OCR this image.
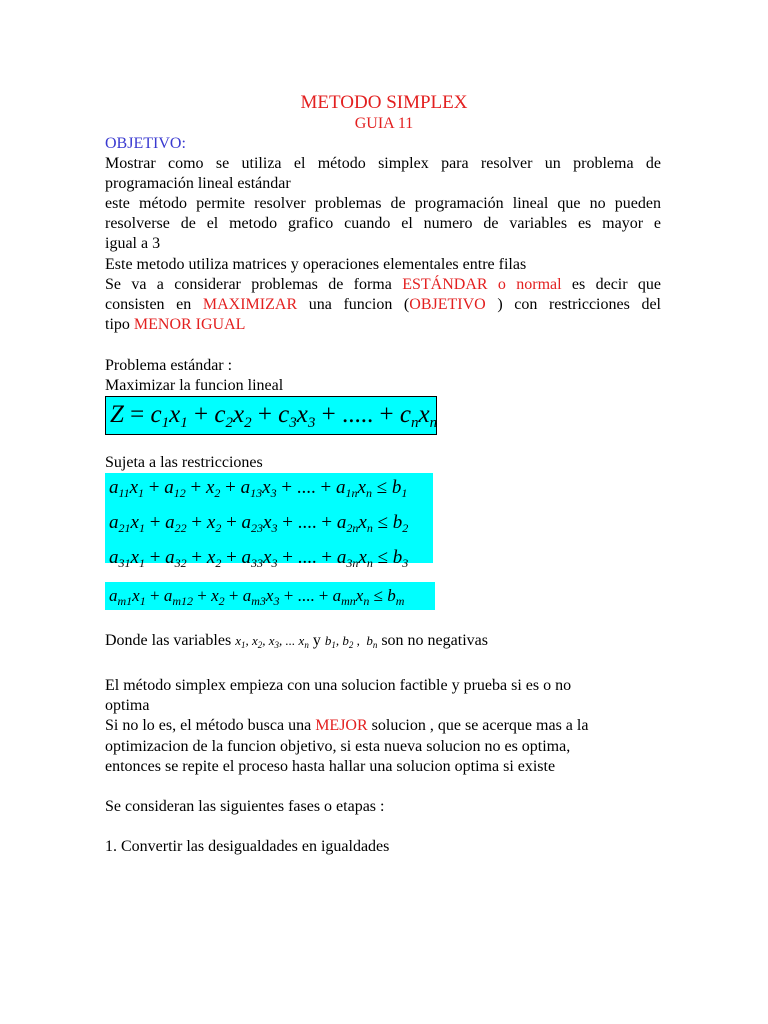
METODO SIMPLEX
GUIA 11
OBJETIVO:
Mostrar como se utiliza el método simplex para resolver un problema de
programación lineal estándar
este método permite resolver problemas de programación lineal que no pueden
resolverse de el metodo grafico cuando el numero de variables es mayor e
igual a 3
Este metodo utiliza matrices y operaciones elementales entre filas
Se va a considerar problemas de forma ESTÁNDAR o normal es decir que
consisten en MAXIMIZAR una funcion (OBJETIVO ) con restricciones del
tipo MENOR IGUAL
Problema estándar :
Maximizar la funcion lineal
$Z = c_1x_1 + c_2x_2 + c_3x_3$ + ..... + $c_nx_n$
Sujeta a las restricciones
$a_{11}x_1 + a_{12} + x_2 + a_{13}x_3$ + .... + $a_{1n}x_n \le b_1$
$a_{21}x_1 + a_{22} + x_2 + a_{23}x_3$ + .... + $a_{2n}x_n \le b_2$
$a_{31}x_1 + a_{32} + x_2 + a_{33}x_3$ + .... + $a_{3n}x_n \le b_3$
$a_{m1}x_1 + a_{m12} + x_2 + a_{m3}x_3$ + .... + $a_{mn}x_n \le b_m$
Donde las variables $x_1$, $x_2$, $x_3$, ... $x_n$ y $b_1$, $b_2$ ,  $b_n$ son no negativas
El método simplex empieza con una solucion factible y prueba si es o no
optima
Si no lo es, el método busca una MEJOR solucion , que se acerque mas a la
optimizacion de la funcion objetivo, si esta nueva solucion no es optima,
entonces se repite el proceso hasta hallar una solucion optima si existe
Se consideran las siguientes fases o etapas :
1. Convertir las desigualdades en igualdades
